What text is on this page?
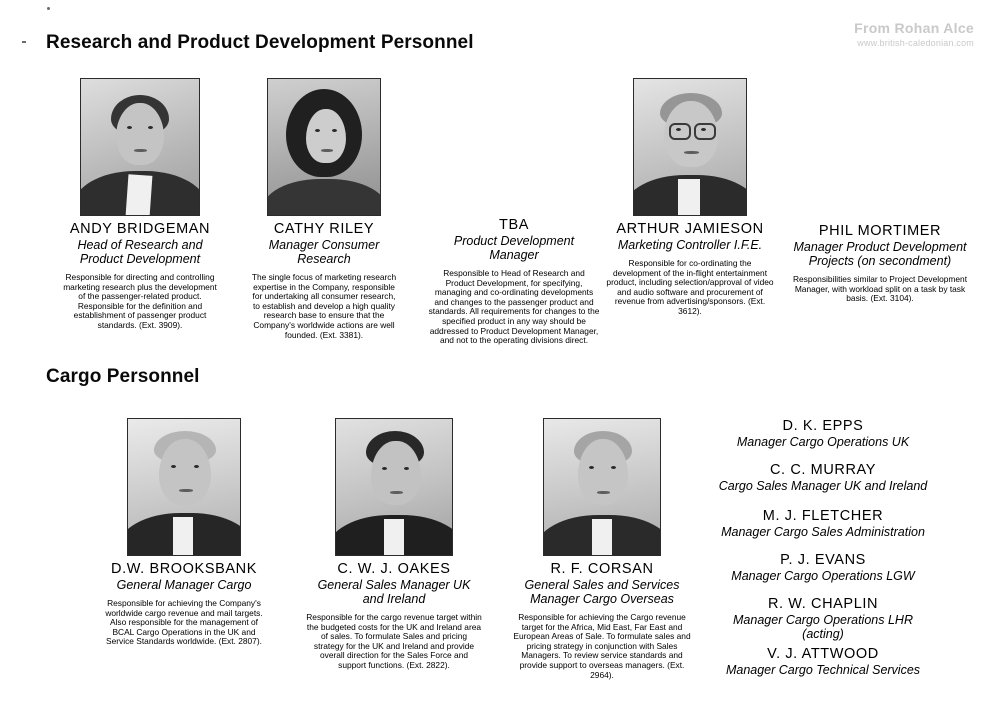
From Rohan Alce
www.british-caledonian.com
Research and Product Development Personnel
ANDY BRIDGEMAN
Head of Research and Product Development
Responsible for directing and controlling marketing research plus the development of the passenger-related product. Responsible for the definition and establishment of passenger product standards. (Ext. 3909).
CATHY RILEY
Manager Consumer Research
The single focus of marketing research expertise in the Company, responsible for undertaking all consumer research, to establish and develop a high quality research base to ensure that the Company's worldwide actions are well founded. (Ext. 3381).
TBA
Product Development Manager
Responsible to Head of Research and Product Development, for specifying, managing and co-ordinating developments and changes to the passenger product and standards. All requirements for changes to the specified product in any way should be addressed to Product Development Manager, and not to the operating divisions direct.
ARTHUR JAMIESON
Marketing Controller I.F.E.
Responsible for co-ordinating the development of the in-flight entertainment product, including selection/approval of video and audio software and procurement of revenue from advertising/sponsors. (Ext. 3612).
PHIL MORTIMER
Manager Product Development Projects (on secondment)
Responsibilities similar to Project Development Manager, with workload split on a task by task basis. (Ext. 3104).
Cargo Personnel
D.W. BROOKSBANK
General Manager Cargo
Responsible for achieving the Company's worldwide cargo revenue and mail targets. Also responsible for the management of BCAL Cargo Operations in the UK and Service Standards worldwide. (Ext. 2807).
C. W. J. OAKES
General Sales Manager UK and Ireland
Responsible for the cargo revenue target within the budgeted costs for the UK and Ireland area of sales. To formulate Sales and pricing strategy for the UK and Ireland and provide overall direction for the Sales Force and support functions. (Ext. 2822).
R. F. CORSAN
General Sales and Services Manager Cargo Overseas
Responsible for achieving the Cargo revenue target for the Africa, Mid East, Far East and European Areas of Sale. To formulate sales and pricing strategy in conjunction with Sales Managers. To review service standards and provide support to overseas managers. (Ext. 2964).
D. K. EPPS
Manager Cargo Operations UK
C. C. MURRAY
Cargo Sales Manager UK and Ireland
M. J. FLETCHER
Manager Cargo Sales Administration
P. J. EVANS
Manager Cargo Operations LGW
R. W. CHAPLIN
Manager Cargo Operations LHR (acting)
V. J. ATTWOOD
Manager Cargo Technical Services
